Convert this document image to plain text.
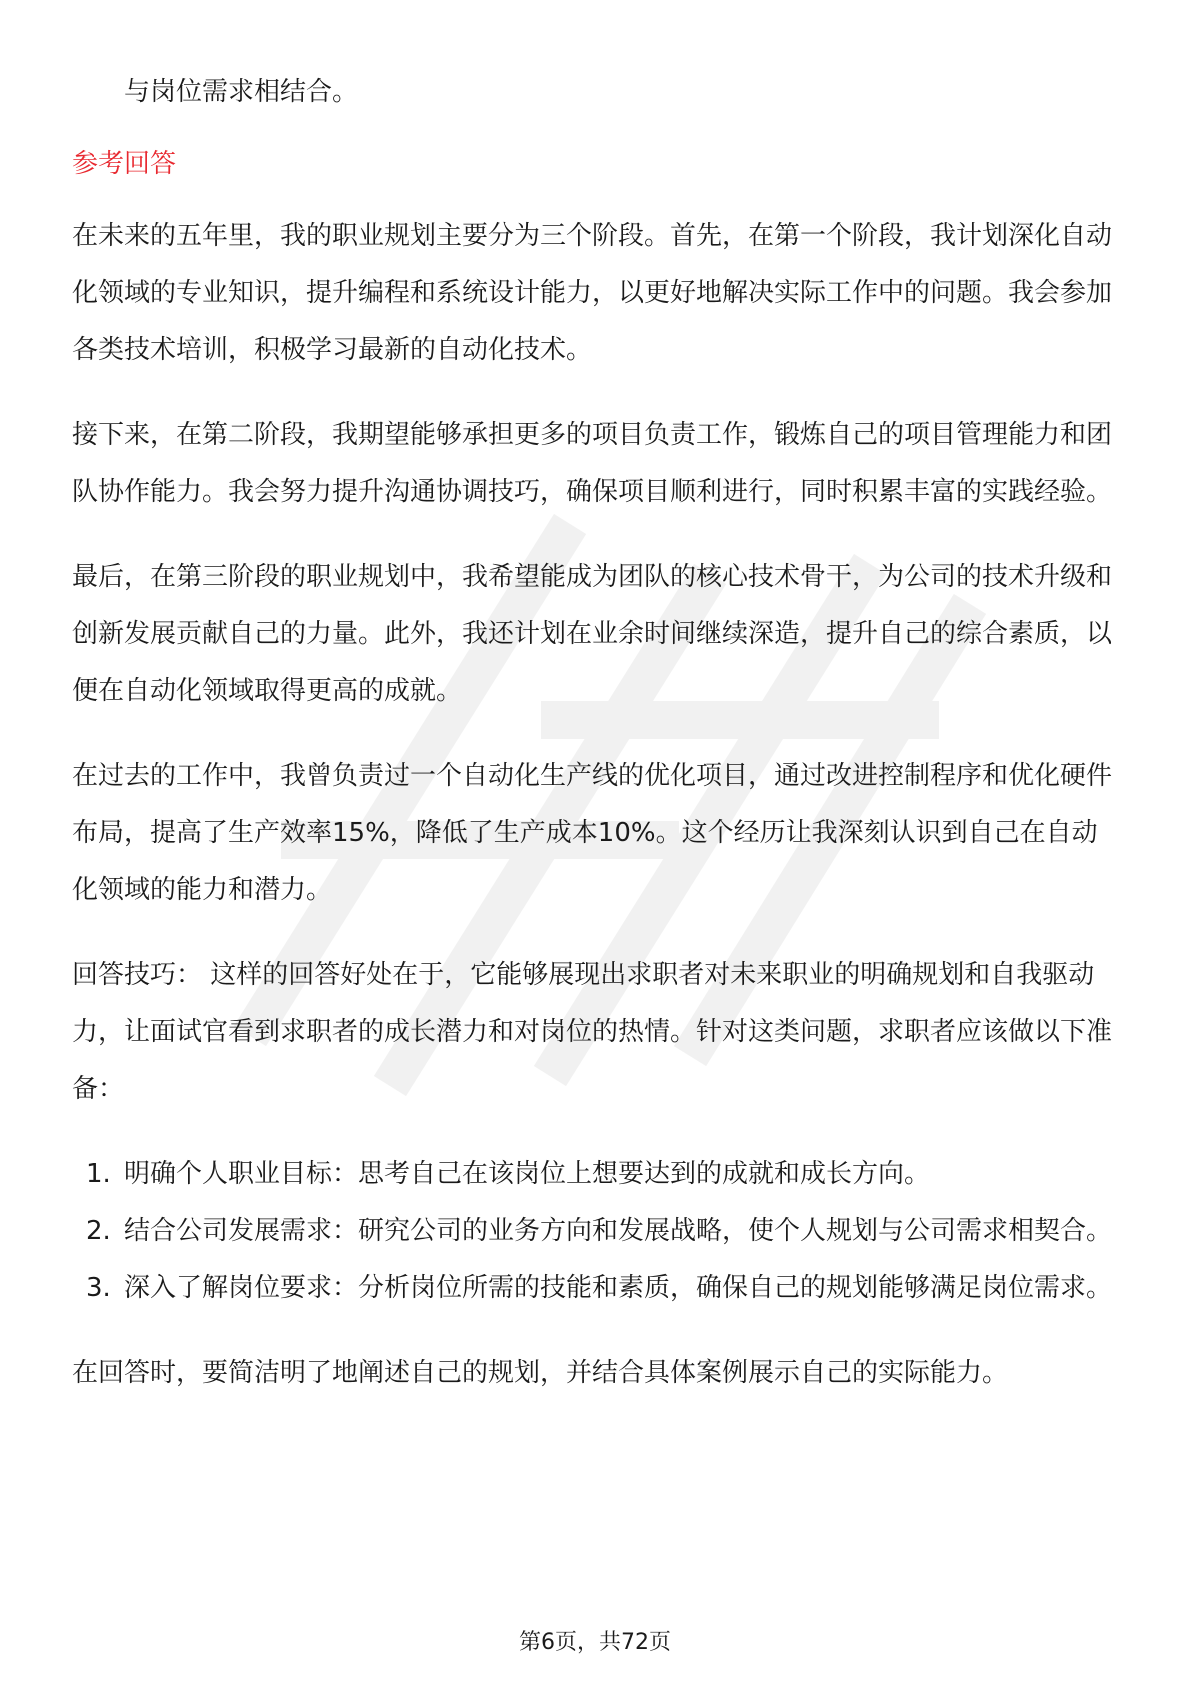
与岗位需求相结合。

参考回答

在未来的五年里，我的职业规划主要分为三个阶段。首先，在第一个阶段，我计划深化自动化领域的专业知识，提升编程和系统设计能力，以更好地解决实际工作中的问题。我会参加各类技术培训，积极学习最新的自动化技术。

接下来，在第二阶段，我期望能够承担更多的项目负责工作，锻炼自己的项目管理能力和团队协作能力。我会努力提升沟通协调技巧，确保项目顺利进行，同时积累丰富的实践经验。

最后，在第三阶段的职业规划中，我希望能成为团队的核心技术骨干，为公司的技术升级和创新发展贡献自己的力量。此外，我还计划在业余时间继续深造，提升自己的综合素质，以便在自动化领域取得更高的成就。

在过去的工作中，我曾负责过一个自动化生产线的优化项目，通过改进控制程序和优化硬件布局，提高了生产效率15%，降低了生产成本10%。这个经历让我深刻认识到自己在自动化领域的能力和潜力。

回答技巧： 这样的回答好处在于，它能够展现出求职者对未来职业的明确规划和自我驱动力，让面试官看到求职者的成长潜力和对岗位的热情。针对这类问题，求职者应该做以下准备：

1. 明确个人职业目标：思考自己在该岗位上想要达到的成就和成长方向。
2. 结合公司发展需求：研究公司的业务方向和发展战略，使个人规划与公司需求相契合。
3. 深入了解岗位要求：分析岗位所需的技能和素质，确保自己的规划能够满足岗位需求。

在回答时，要简洁明了地阐述自己的规划，并结合具体案例展示自己的实际能力。

第6页，共72页
